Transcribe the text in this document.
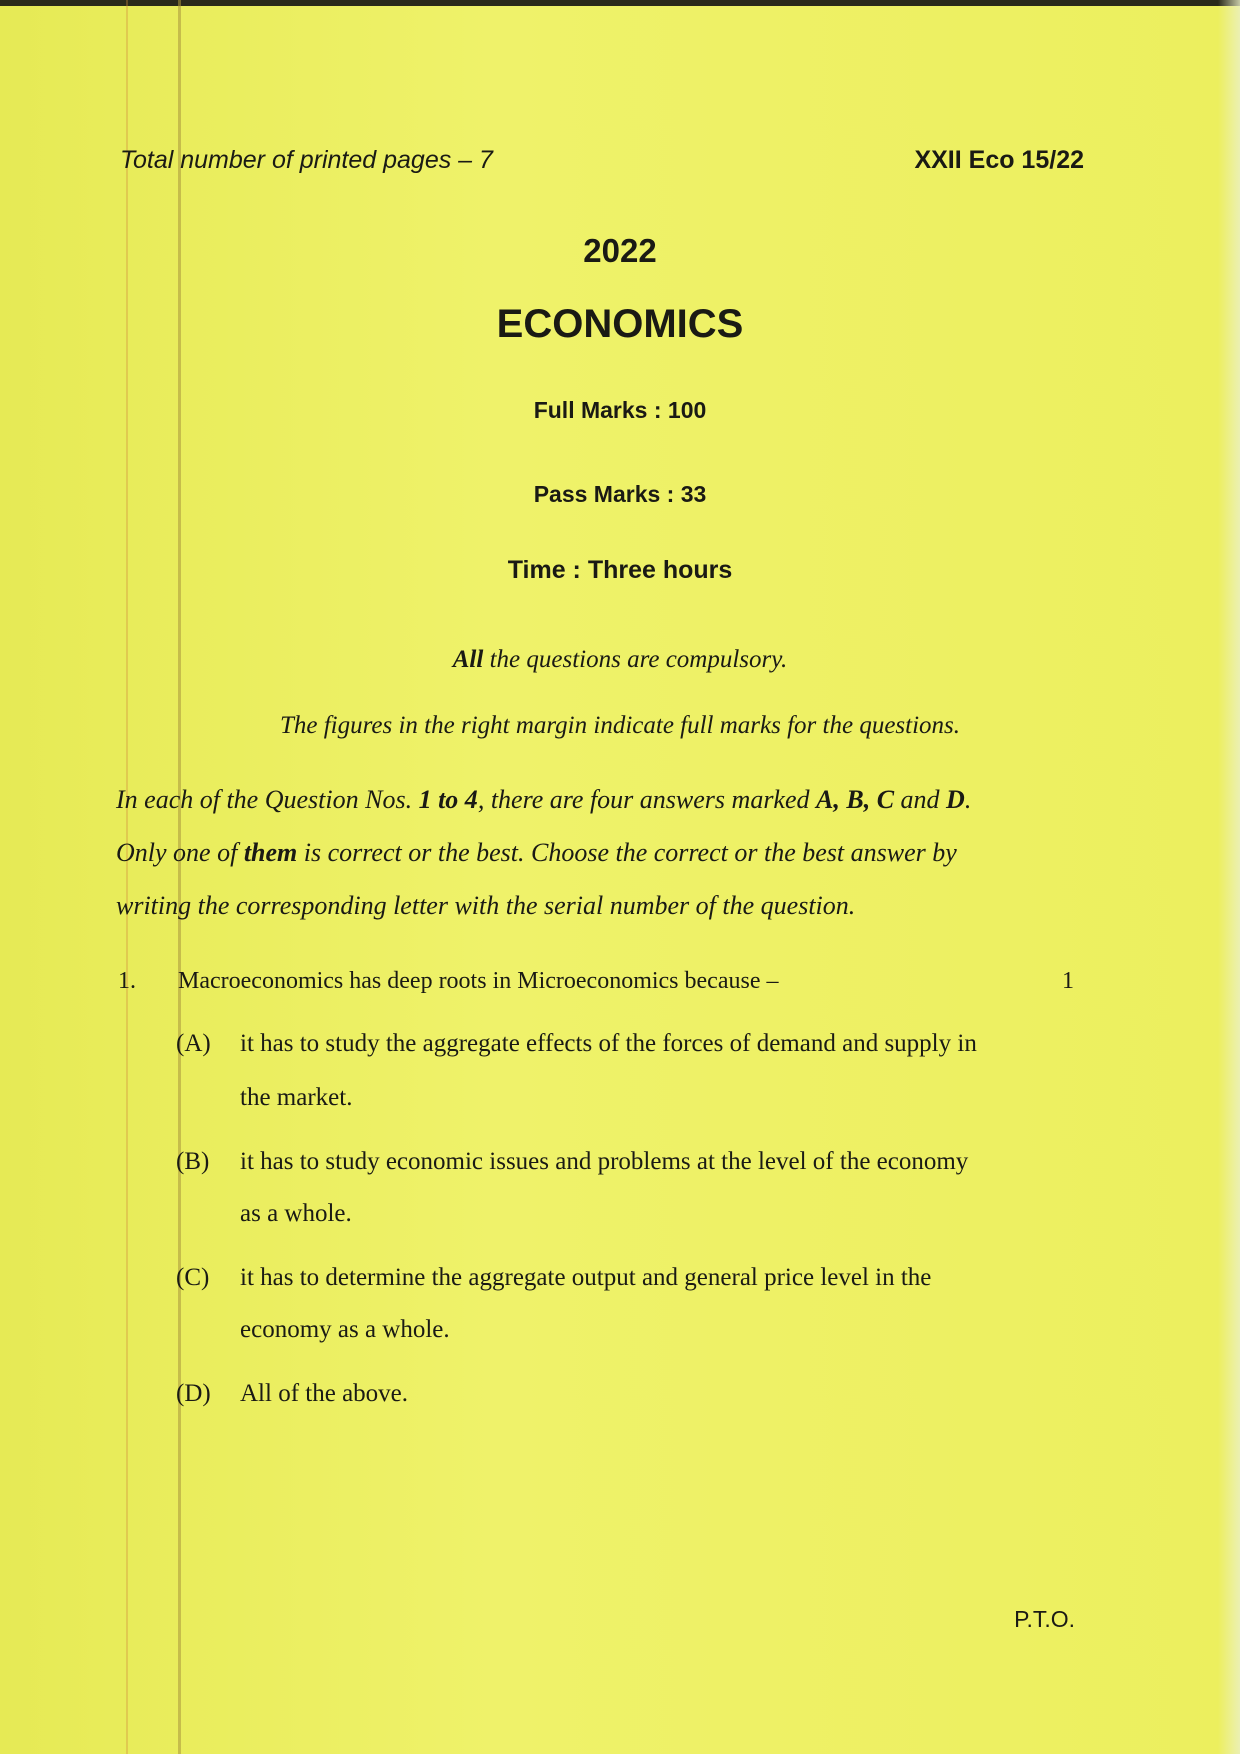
Total number of printed pages – 7	XXII Eco 15/22
2022
ECONOMICS
Full Marks : 100
Pass Marks : 33
Time : Three hours
All the questions are compulsory.
The figures in the right margin indicate full marks for the questions.
In each of the Question Nos. 1 to 4, there are four answers marked A, B, C and D.
Only one of them is correct or the best. Choose the correct or the best answer by
writing the corresponding letter with the serial number of the question.
1. Macroeconomics has deep roots in Microeconomics because –	1
(A) it has to study the aggregate effects of the forces of demand and supply in
the market.
(B) it has to study economic issues and problems at the level of the economy
as a whole.
(C) it has to determine the aggregate output and general price level in the
economy as a whole.
(D) All of the above.
P.T.O.
